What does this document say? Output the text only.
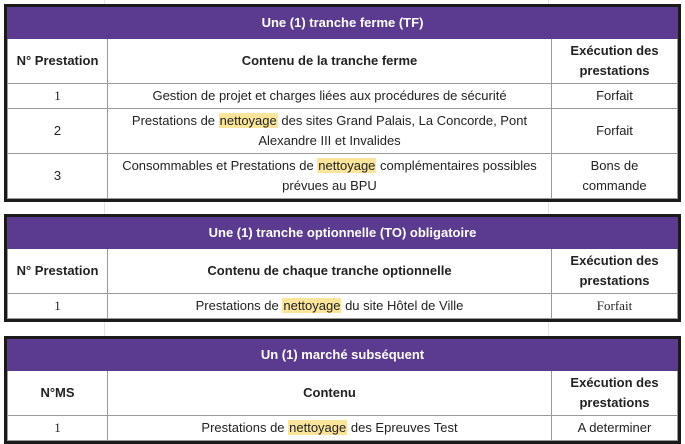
Une (1) tranche ferme (TF)		
N° Prestation	Contenu de la tranche ferme	Exécution des prestations
1	Gestion de projet et charges liées aux procédures de sécurité	Forfait
2	Prestations de nettoyage des sites Grand Palais, La Concorde, Pont Alexandre III et Invalides	Forfait
3	Consommables et Prestations de nettoyage complémentaires possibles prévues au BPU	Bons de commande
Une (1) tranche optionnelle (TO) obligatoire		
N° Prestation	Contenu de chaque tranche optionnelle	Exécution des prestations
1	Prestations de nettoyage du site Hôtel de Ville	Forfait
Un (1) marché subséquent		
N°MS	Contenu	Exécution des prestations
1	Prestations de nettoyage des Epreuves Test	A determiner
